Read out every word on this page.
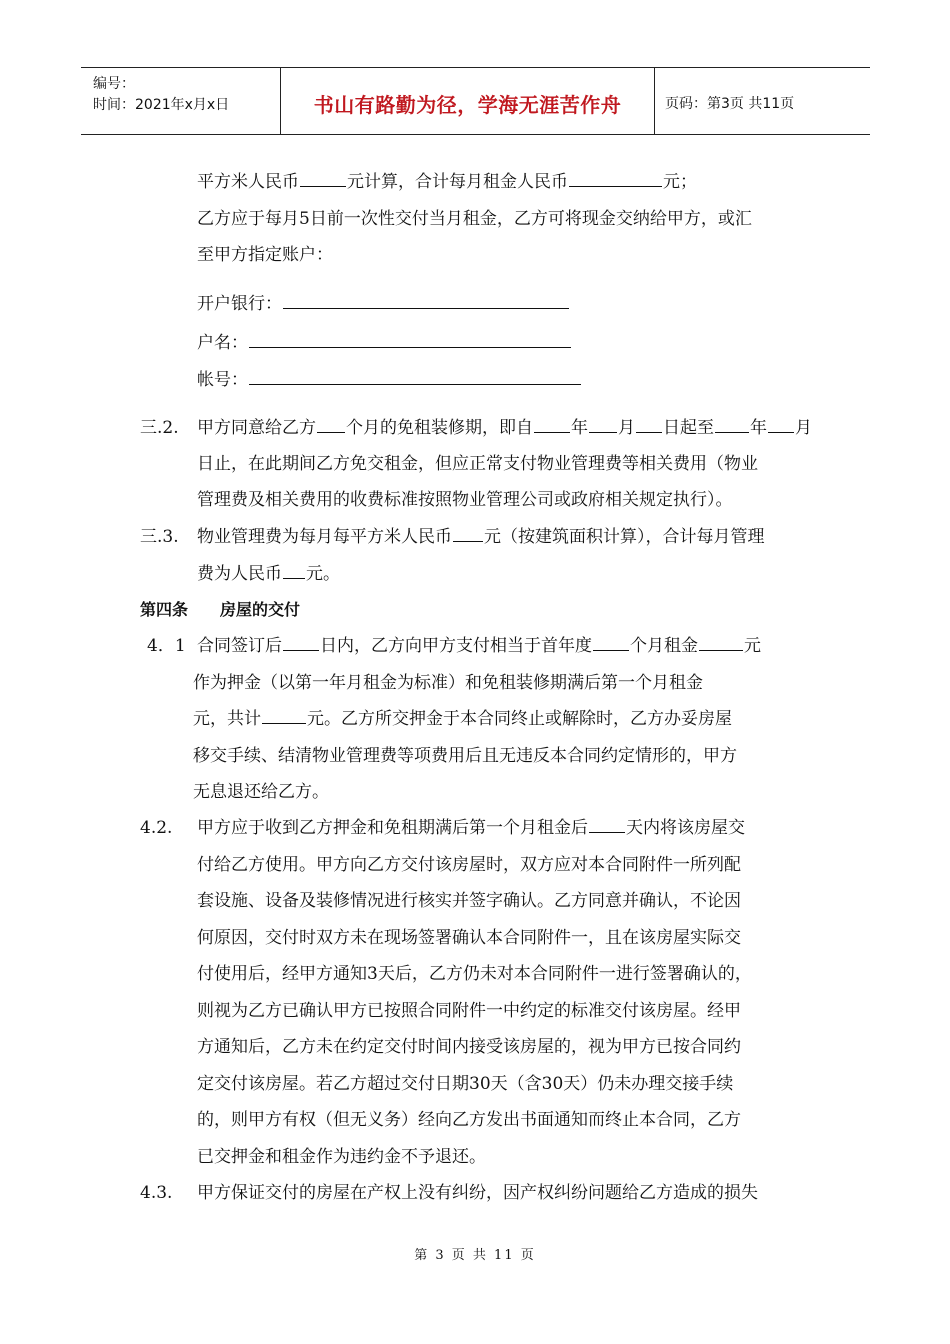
编号：
时间：2021年x月x日	书山有路勤为径，学海无涯苦作舟	页码：第3页 共11页
平方米人民币	元计算，合计每月租金人民币	元；
乙方应于每月5日前一次性交付当月租金，乙方可将现金交纳给甲方，或汇
至甲方指定账户：
开户银行：
户名：
帐号：
三.2. 甲方同意给乙方 个月的免租装修期，即自 年 月 日起至 年 月
日止，在此期间乙方免交租金，但应正常支付物业管理费等相关费用（物业
管理费及相关费用的收费标准按照物业管理公司或政府相关规定执行）。
三.3. 物业管理费为每月每平方米人民币 元（按建筑面积计算），合计每月管理
费为人民币 元。
第四条　　房屋的交付
4．1 合同签订后 日内，乙方向甲方支付相当于首年度 个月租金	元
作为押金（以第一年月租金为标准）和免租装修期满后第一个月租金
元，共计	元。乙方所交押金于本合同终止或解除时，乙方办妥房屋
移交手续、结清物业管理费等项费用后且无违反本合同约定情形的，甲方
无息退还给乙方。
4.2. 甲方应于收到乙方押金和免租期满后第一个月租金后 天内将该房屋交
付给乙方使用。甲方向乙方交付该房屋时，双方应对本合同附件一所列配
套设施、设备及装修情况进行核实并签字确认。乙方同意并确认，不论因
何原因，交付时双方未在现场签署确认本合同附件一，且在该房屋实际交
付使用后，经甲方通知3天后，乙方仍未对本合同附件一进行签署确认的，
则视为乙方已确认甲方已按照合同附件一中约定的标准交付该房屋。经甲
方通知后，乙方未在约定交付时间内接受该房屋的，视为甲方已按合同约
定交付该房屋。若乙方超过交付日期30天（含30天）仍未办理交接手续
的，则甲方有权（但无义务）经向乙方发出书面通知而终止本合同，乙方
已交押金和租金作为违约金不予退还。
4.3. 甲方保证交付的房屋在产权上没有纠纷，因产权纠纷问题给乙方造成的损失
第 3 页 共 11 页
